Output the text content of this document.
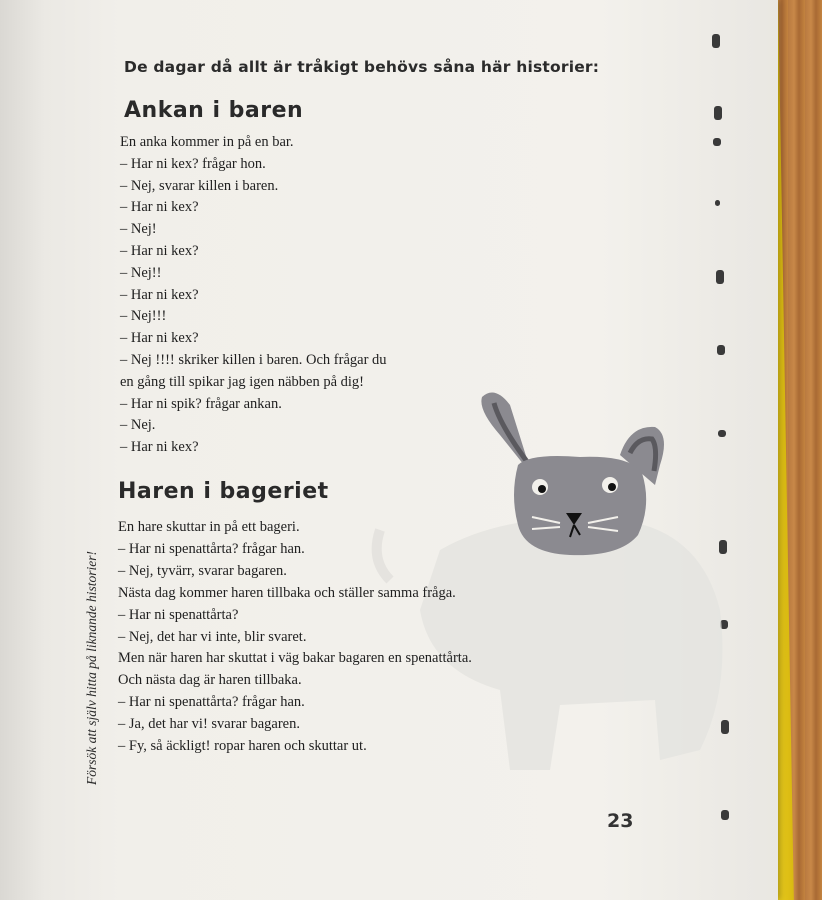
De dagar då allt är tråkigt behövs såna här historier:
Ankan i baren
En anka kommer in på en bar.
– Har ni kex? frågar hon.
– Nej, svarar killen i baren.
– Har ni kex?
– Nej!
– Har ni kex?
– Nej!!
– Har ni kex?
– Nej!!!
– Har ni kex?
– Nej !!!! skriker killen i baren. Och frågar du
en gång till spikar jag igen näbben på dig!
– Har ni spik? frågar ankan.
– Nej.
– Har ni kex?
Haren i bageriet
En hare skuttar in på ett bageri.
– Har ni spenattårta? frågar han.
– Nej, tyvärr, svarar bagaren.
Nästa dag kommer haren tillbaka och ställer samma fråga.
– Har ni spenattårta?
– Nej, det har vi inte, blir svaret.
Men när haren har skuttat i väg bakar bagaren en spenattårta.
Och nästa dag är haren tillbaka.
– Har ni spenattårta? frågar han.
– Ja, det har vi! svarar bagaren.
– Fy, så äckligt! ropar haren och skuttar ut.
Försök att själv hitta på liknande historier!
23
